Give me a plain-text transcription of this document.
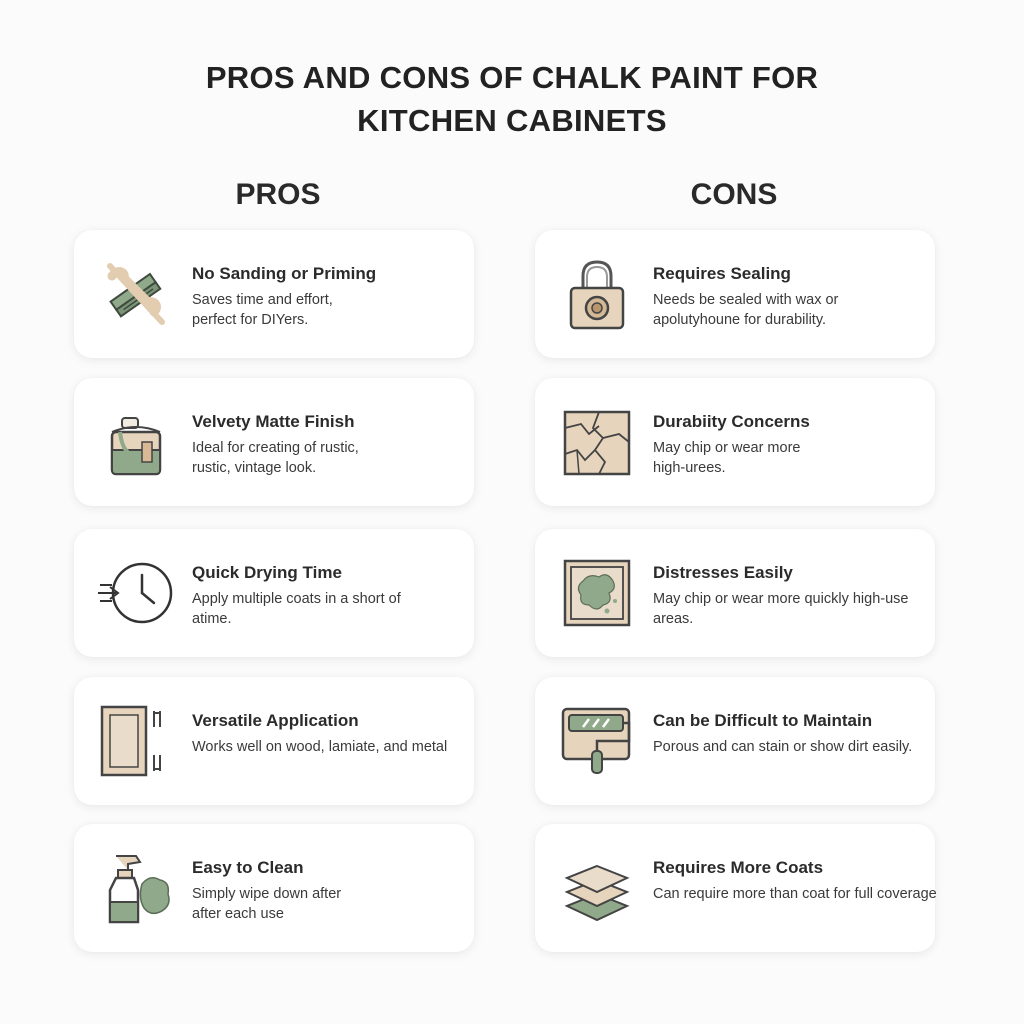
PROS AND CONS OF CHALK PAINT FOR
KITCHEN CABINETS
PROS	CONS
No Sanding or Priming
Saves time and effort,
perfect for DIYers.
Velvety Matte Finish
Ideal for creating of rustic,
rustic, vintage look.
Quick Drying Time
Apply multiple coats in a short of
atime.
Versatile Application
Works well on wood, lamiate, and metal
Easy to Clean
Simply wipe down after
after each use
Requires Sealing
Needs be sealed with wax or
aрolutyhoune for durability.
Durabiity Concerns
May chip or wear more
high-urees.
Distresses Easily
May chip or wear more quickly high-use
areas.
Can be Difficult to Maintain
Porous and can stain or show dirt easily.
Requires More Coats
Can require more than coat for full coverage
